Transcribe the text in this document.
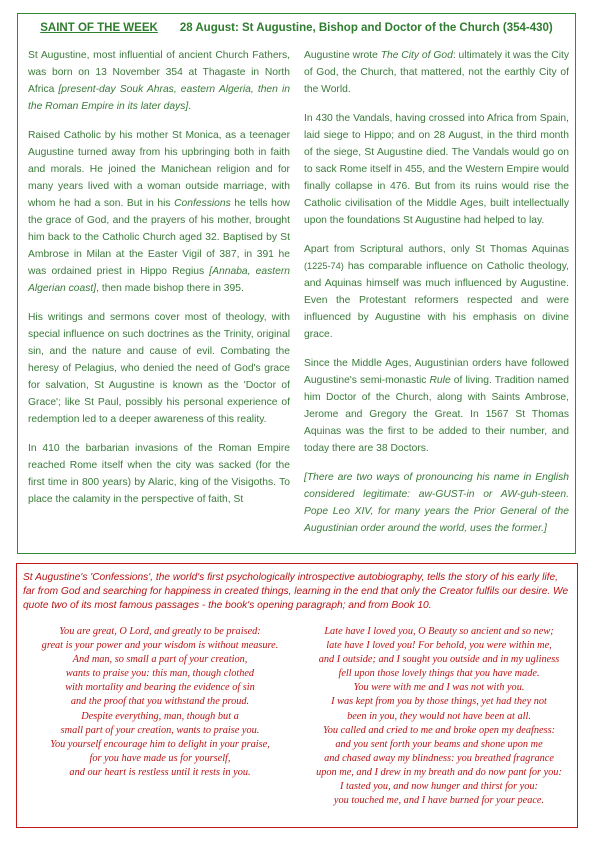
SAINT OF THE WEEK 28 August: St Augustine, Bishop and Doctor of the Church (354-430)

St Augustine, most influential of ancient Church Fathers, was born on 13 November 354 at Thagaste in North Africa [present-day Souk Ahras, eastern Algeria, then in the Roman Empire in its later days].

Raised Catholic by his mother St Monica, as a teenager Augustine turned away from his upbringing both in faith and morals. He joined the Manichean religion and for many years lived with a woman outside marriage, with whom he had a son. But in his Confessions he tells how the grace of God, and the prayers of his mother, brought him back to the Catholic Church aged 32. Baptised by St Ambrose in Milan at the Easter Vigil of 387, in 391 he was ordained priest in Hippo Regius [Annaba, eastern Algerian coast], then made bishop there in 395.

His writings and sermons cover most of theology, with special influence on such doctrines as the Trinity, original sin, and the nature and cause of evil. Combating the heresy of Pelagius, who denied the need of God's grace for salvation, St Augustine is known as the 'Doctor of Grace'; like St Paul, possibly his personal experience of redemption led to a deeper awareness of this reality.

In 410 the barbarian invasions of the Roman Empire reached Rome itself when the city was sacked (for the first time in 800 years) by Alaric, king of the Visigoths. To place the calamity in the perspective of faith, St

Augustine wrote The City of God: ultimately it was the City of God, the Church, that mattered, not the earthly City of the World.

In 430 the Vandals, having crossed into Africa from Spain, laid siege to Hippo; and on 28 August, in the third month of the siege, St Augustine died. The Vandals would go on to sack Rome itself in 455, and the Western Empire would finally collapse in 476. But from its ruins would rise the Catholic civilisation of the Middle Ages, built intellectually upon the foundations St Augustine had helped to lay.

Apart from Scriptural authors, only St Thomas Aquinas (1225-74) has comparable influence on Catholic theology, and Aquinas himself was much influenced by Augustine. Even the Protestant reformers respected and were influenced by Augustine with his emphasis on divine grace.

Since the Middle Ages, Augustinian orders have followed Augustine's semi-monastic Rule of living. Tradition named him Doctor of the Church, along with Saints Ambrose, Jerome and Gregory the Great. In 1567 St Thomas Aquinas was the first to be added to their number, and today there are 38 Doctors.

[There are two ways of pronouncing his name in English considered legitimate: aw-GUST-in or AW-guh-steen. Pope Leo XIV, for many years the Prior General of the Augustinian order around the world, uses the former.]

St Augustine's 'Confessions', the world's first psychologically introspective autobiography, tells the story of his early life, far from God and searching for happiness in created things, learning in the end that only the Creator fulfils our desire. We quote two of its most famous passages - the book's opening paragraph; and from Book 10.
You are great, O Lord, and greatly to be praised:
great is your power and your wisdom is without measure.
And man, so small a part of your creation,
wants to praise you: this man, though clothed
with mortality and bearing the evidence of sin
and the proof that you withstand the proud.
Despite everything, man, though but a
small part of your creation, wants to praise you.
You yourself encourage him to delight in your praise,
for you have made us for yourself,
and our heart is restless until it rests in you.
Late have I loved you, O Beauty so ancient and so new;
late have I loved you! For behold, you were within me,
and I outside; and I sought you outside and in my ugliness
fell upon those lovely things that you have made.
You were with me and I was not with you.
I was kept from you by those things, yet had they not
been in you, they would not have been at all.
You called and cried to me and broke open my deafness:
and you sent forth your beams and shone upon me
and chased away my blindness: you breathed fragrance
upon me, and I drew in my breath and do now pant for you:
I tasted you, and now hunger and thirst for you:
you touched me, and I have burned for your peace.
